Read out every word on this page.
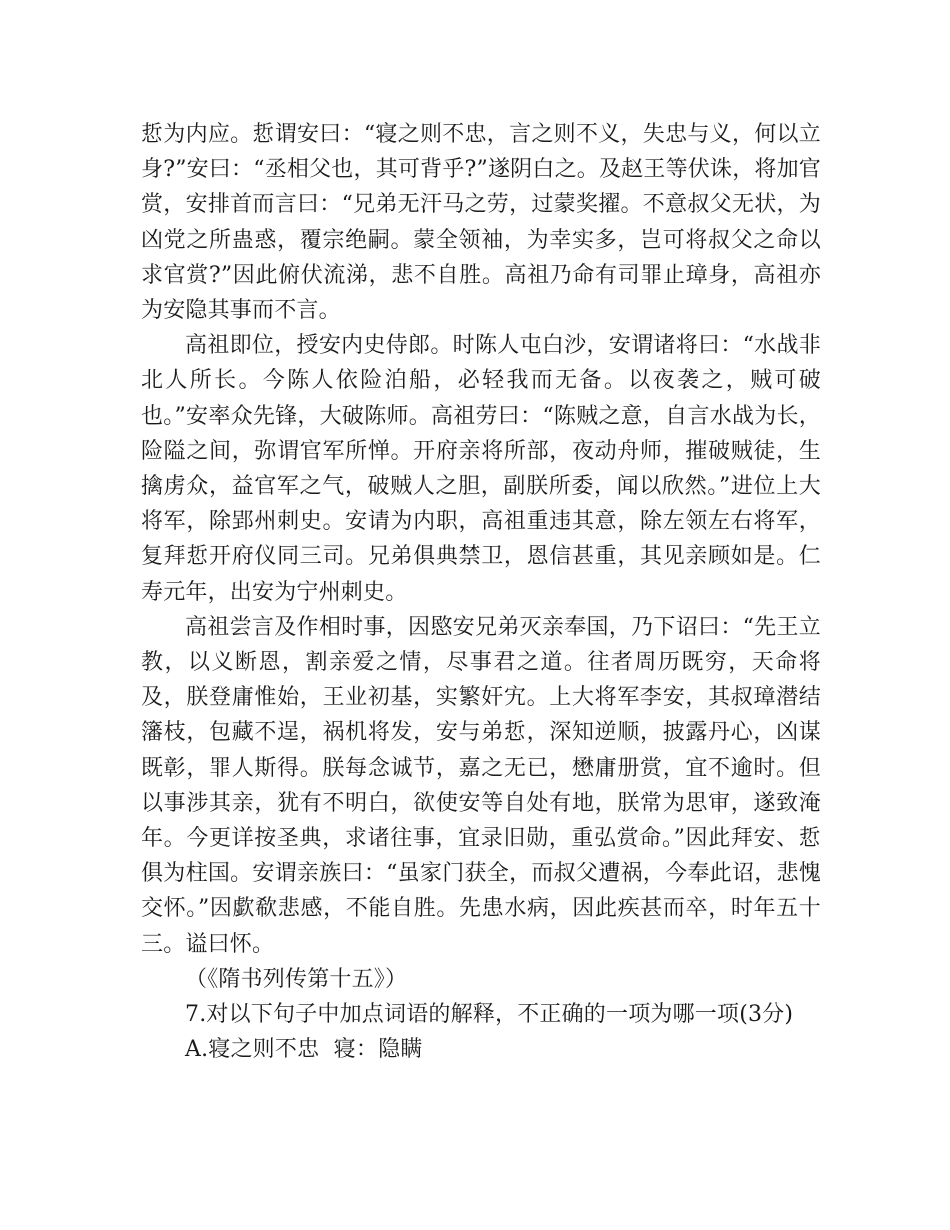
悊为内应。悊谓安曰：“寝之则不忠，言之则不义，失忠与义，何以立身?”安曰：“丞相父也，其可背乎?”遂阴白之。及赵王等伏诛，将加官赏，安排首而言曰：“兄弟无汗马之劳，过蒙奖擢。不意叔父无状，为凶党之所蛊惑，覆宗绝嗣。蒙全领袖，为幸实多，岂可将叔父之命以求官赏?”因此俯伏流涕，悲不自胜。高祖乃命有司罪止璋身，高祖亦为安隐其事而不言。

高祖即位，授安内史侍郎。时陈人屯白沙，安谓诸将曰：“水战非北人所长。今陈人依险泊船，必轻我而无备。以夜袭之，贼可破也。”安率众先锋，大破陈师。高祖劳曰：“陈贼之意，自言水战为长，险隘之间，弥谓官军所惮。开府亲将所部，夜动舟师，摧破贼徒，生擒虏众，益官军之气，破贼人之胆，副朕所委，闻以欣然。”进位上大将军，除郢州刺史。安请为内职，高祖重违其意，除左领左右将军，复拜悊开府仪同三司。兄弟俱典禁卫，恩信甚重，其见亲顾如是。仁寿元年，出安为宁州刺史。

高祖尝言及作相时事，因愍安兄弟灭亲奉国，乃下诏曰：“先王立教，以义断恩，割亲爱之情，尽事君之道。往者周历既穷，天命将及，朕登庸惟始，王业初基，实繁奸宄。上大将军李安，其叔璋潜结籓枝，包藏不逞，祸机将发，安与弟悊，深知逆顺，披露丹心，凶谋既彰，罪人斯得。朕每念诚节，嘉之无已，懋庸册赏，宜不逾时。但以事涉其亲，犹有不明白，欲使安等自处有地，朕常为思审，遂致淹年。今更详按圣典，求诸往事，宜录旧勋，重弘赏命。”因此拜安、悊俱为柱国。安谓亲族曰：“虽家门获全，而叔父遭祸，今奉此诏，悲愧交怀。”因歔欷悲感，不能自胜。先患水病，因此疾甚而卒，时年五十三。谥曰怀。

（《隋书列传第十五》）

7.对以下句子中加点词语的解释，不正确的一项为哪一项(3分)

A.寝之则不忠  寝：隐瞒
